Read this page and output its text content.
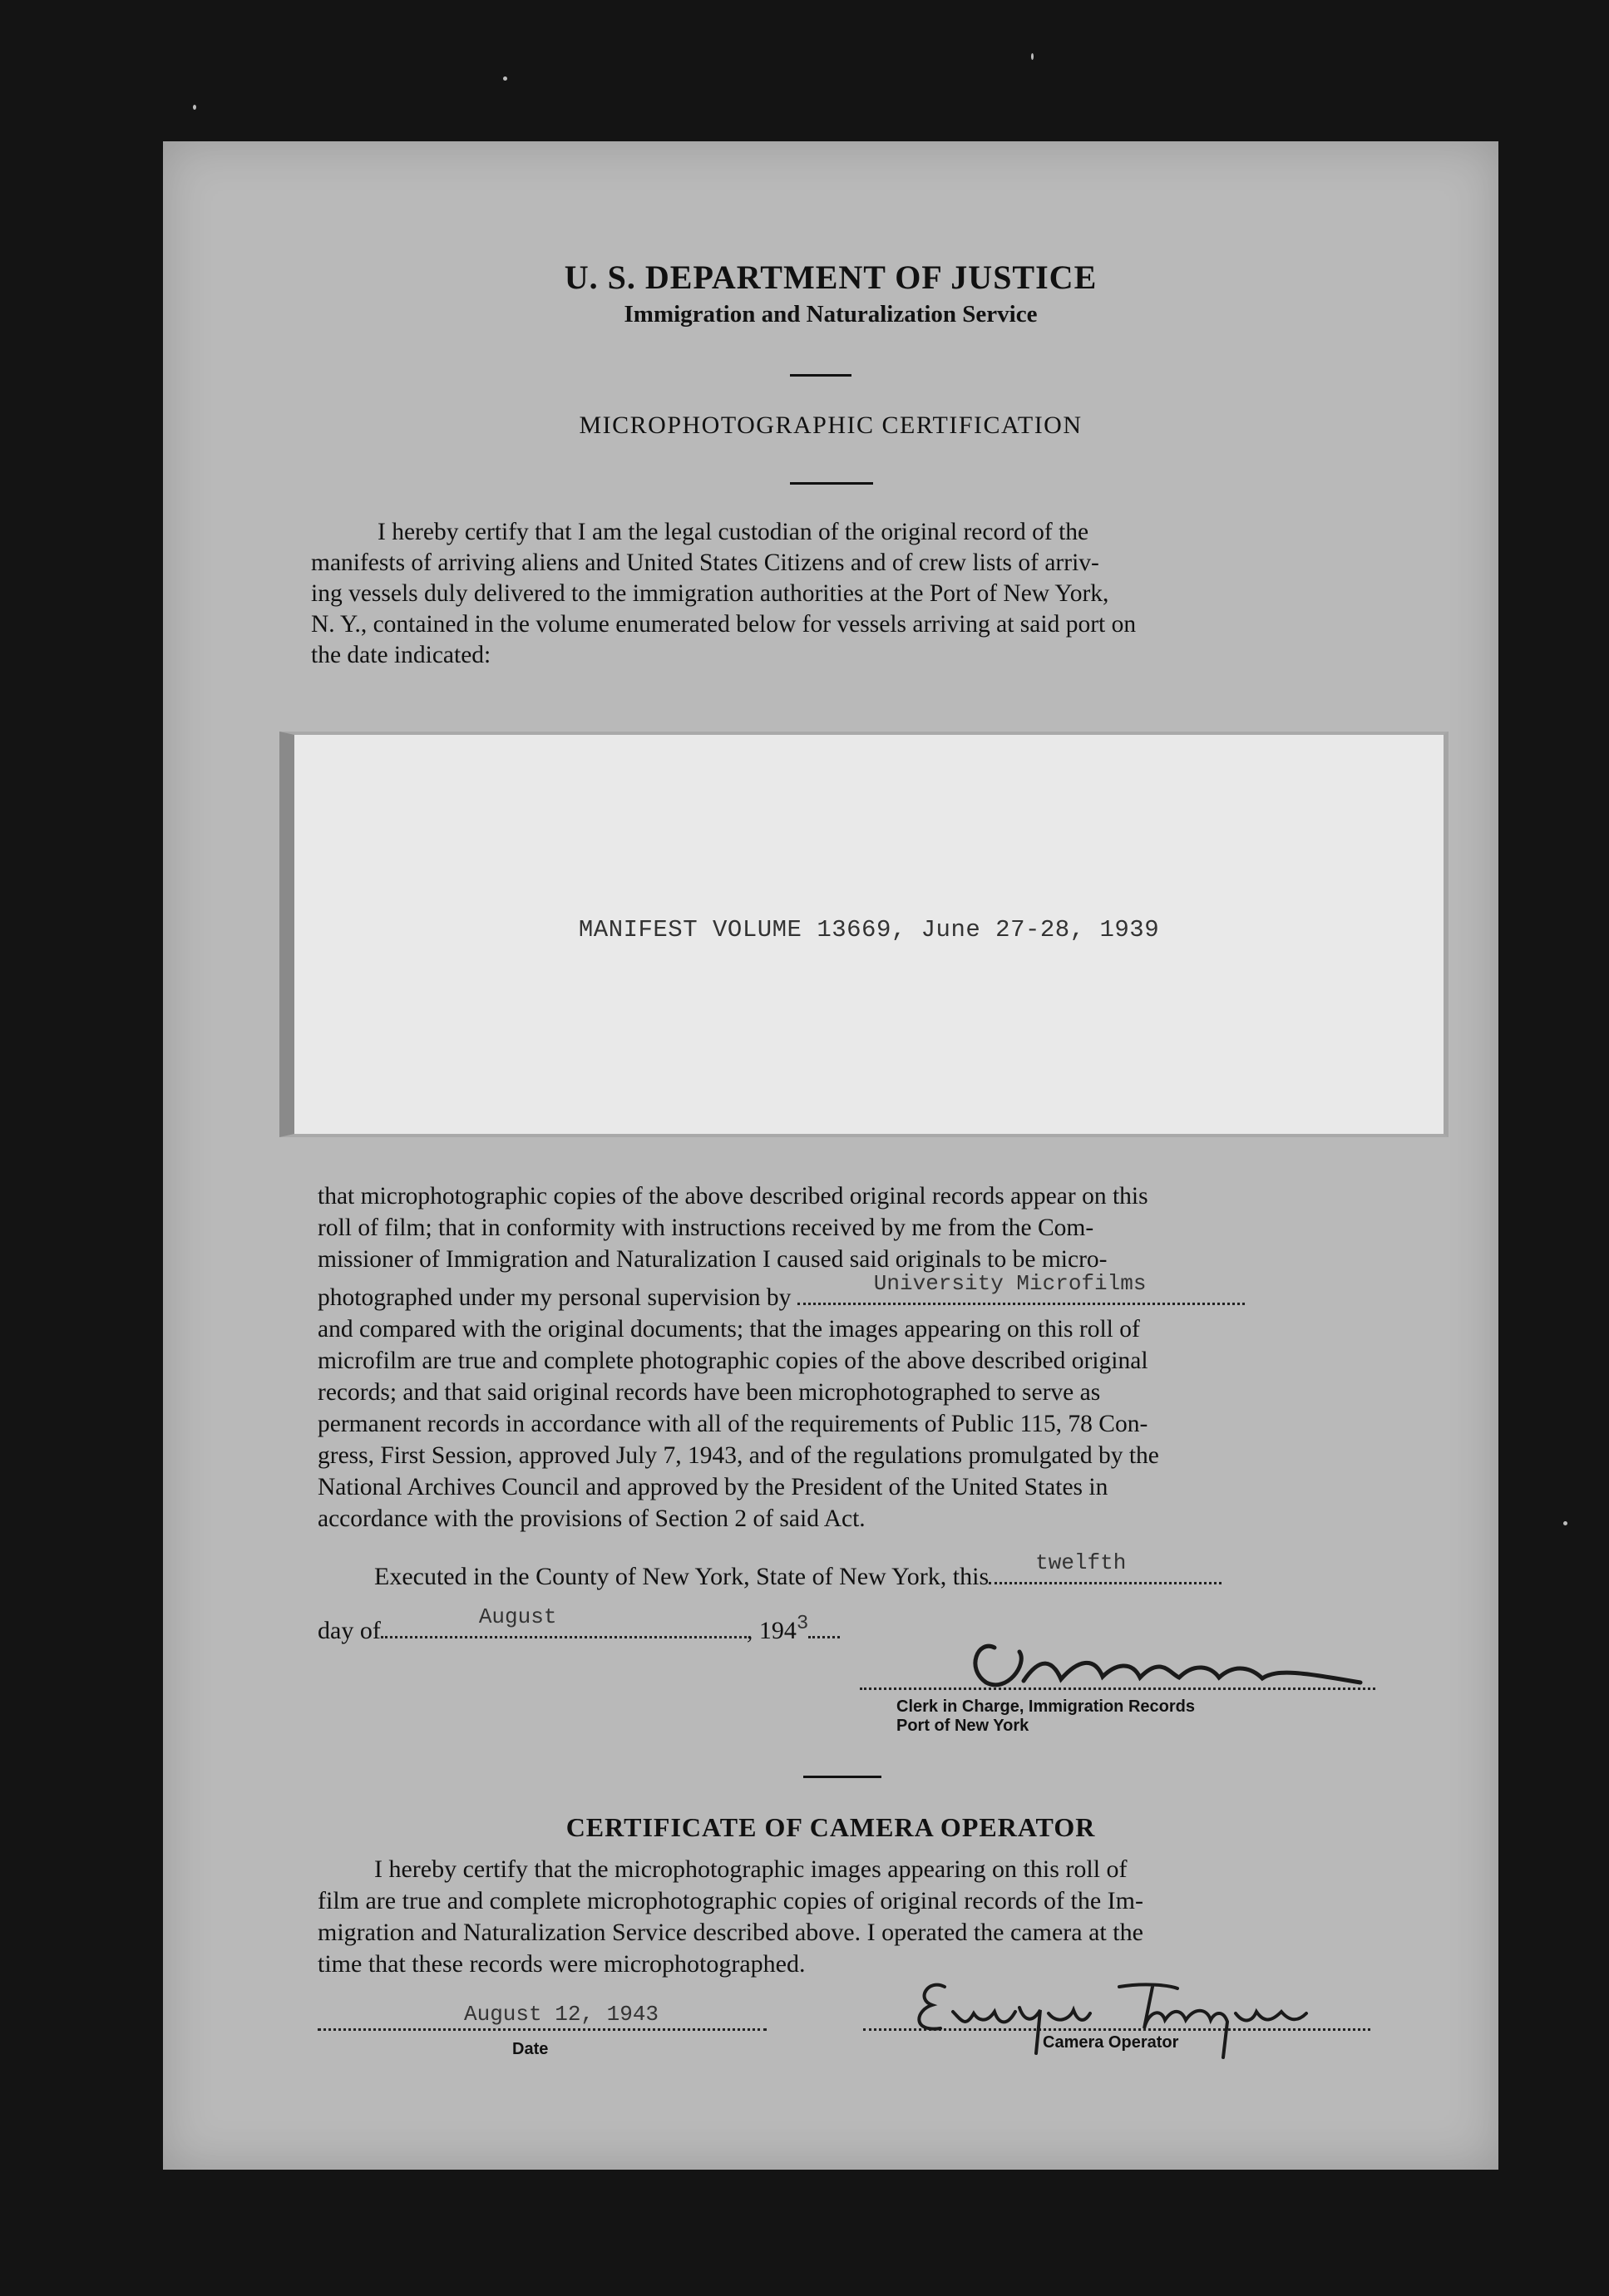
U. S. DEPARTMENT OF JUSTICE
Immigration and Naturalization Service
MICROPHOTOGRAPHIC CERTIFICATION
I hereby certify that I am the legal custodian of the original record of the
manifests of arriving aliens and United States Citizens and of crew lists of arriv-
ing vessels duly delivered to the immigration authorities at the Port of New York,
N. Y., contained in the volume enumerated below for vessels arriving at said port on
the date indicated:
MANIFEST VOLUME 13669, June 27-28, 1939
that microphotographic copies of the above described original records appear on this
roll of film; that in conformity with instructions received by me from the Com-
missioner of Immigration and Naturalization I caused said originals to be micro-
photographed under my personal supervision by
University Microfilms
and compared with the original documents; that the images appearing on this roll of
microfilm are true and complete photographic copies of the above described original
records; and that said original records have been microphotographed to serve as
permanent records in accordance with all of the requirements of Public 115, 78 Con-
gress, First Session, approved July 7, 1943, and of the regulations promulgated by the
National Archives Council and approved by the President of the United States in
accordance with the provisions of Section 2 of said Act.
Executed in the County of New York, State of New York, this twelfth
day of	August	, $194^3$
Clerk in Charge, Immigration Records
Port of New York
CERTIFICATE OF CAMERA OPERATOR
I hereby certify that the microphotographic images appearing on this roll of
film are true and complete microphotographic copies of original records of the Im-
migration and Naturalization Service described above. I operated the camera at the
time that these records were microphotographed.
August 12, 1943
Date	Camera Operator
